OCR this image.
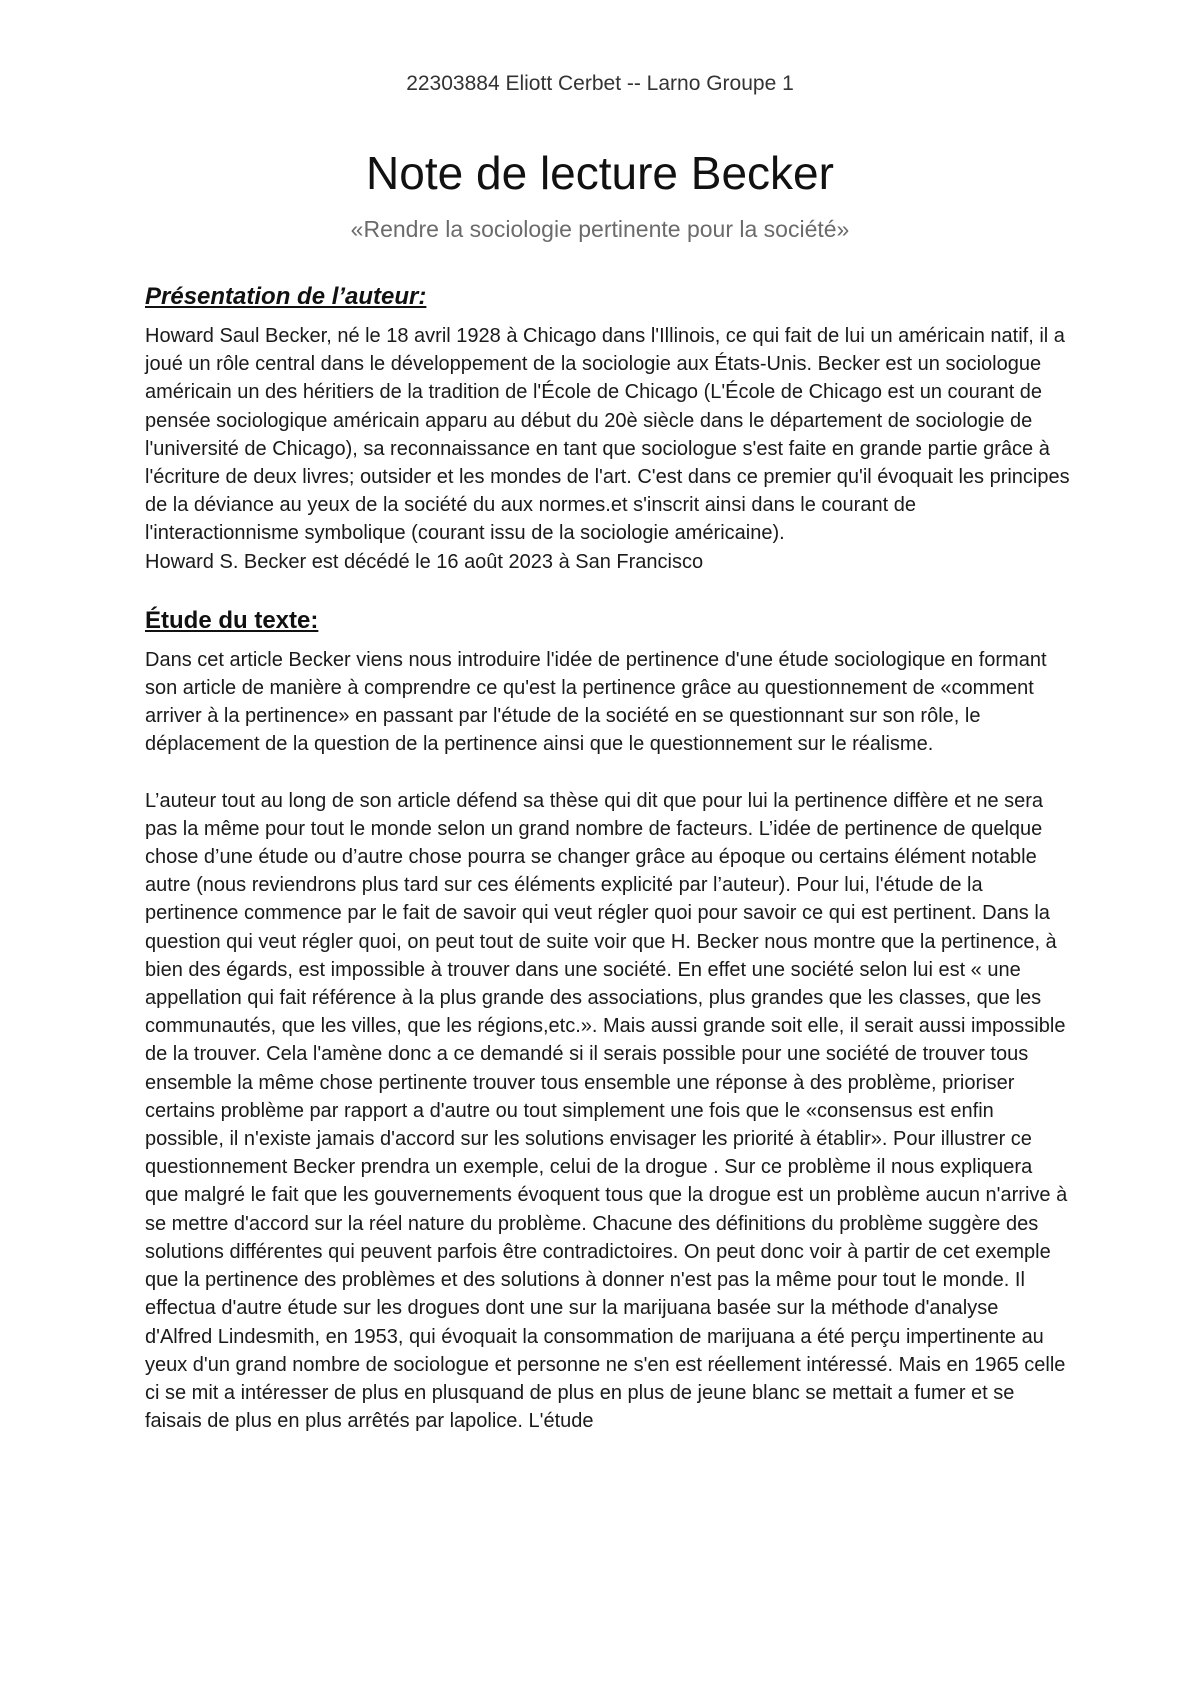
22303884 Eliott Cerbet -- Larno Groupe 1
Note de lecture Becker
«Rendre la sociologie pertinente pour la société»
Présentation de l’auteur:

Howard Saul Becker, né le 18 avril 1928 à Chicago dans l'Illinois, ce qui fait de lui un américain natif, il a joué un rôle central dans le développement de la sociologie aux États-Unis. Becker est un sociologue américain un des héritiers de la tradition de l'École de Chicago (L'École de Chicago est un courant de pensée sociologique américain apparu au début du 20è siècle dans le département de sociologie de l'université de Chicago), sa reconnaissance en tant que sociologue s'est faite en grande partie grâce à l'écriture de deux livres; outsider et les mondes de l'art. C'est dans ce premier qu'il évoquait les principes de la déviance au yeux de la société du aux normes.et s'inscrit ainsi dans le courant de l'interactionnisme symbolique (courant issu de la sociologie américaine).

Howard S. Becker est décédé le 16 août 2023 à San Francisco

Étude du texte:

Dans cet article Becker viens nous introduire l'idée de pertinence d'une étude sociologique en formant son article de manière à comprendre ce qu'est la pertinence grâce au questionnement de «comment arriver à la pertinence» en passant par l'étude de la société en se questionnant sur son rôle, le déplacement de la question de la pertinence ainsi que le questionnement sur le réalisme.

L’auteur tout au long de son article défend sa thèse qui dit que pour lui la pertinence diffère et ne sera pas la même pour tout le monde selon un grand nombre de facteurs. L’idée de pertinence de quelque chose d’une étude ou d’autre chose pourra se changer grâce au époque ou certains élément notable autre (nous reviendrons plus tard sur ces éléments explicité par l’auteur). Pour lui, l'étude de la pertinence commence par le fait de savoir qui veut régler quoi pour savoir ce qui est pertinent. Dans la question qui veut régler quoi, on peut tout de suite voir que H. Becker nous montre que la pertinence, à bien des égards, est impossible à trouver dans une société. En effet une société selon lui est « une appellation qui fait référence à la plus grande des associations, plus grandes que les classes, que les communautés, que les villes, que les régions,etc.». Mais aussi grande soit elle, il serait aussi impossible de la trouver. Cela l'amène donc a ce demandé si il serais possible pour une société de trouver tous ensemble la même chose pertinente trouver tous ensemble une réponse à des problème, prioriser certains problème par rapport a d'autre ou tout simplement une fois que le «consensus est enfin possible, il n'existe jamais d'accord sur les solutions envisager les priorité à établir». Pour illustrer ce questionnement Becker prendra un exemple, celui de la drogue . Sur ce problème il nous expliquera que malgré le fait que les gouvernements évoquent tous que la drogue est un problème aucun n'arrive à se mettre d'accord sur la réel nature du problème. Chacune des définitions du problème suggère des solutions différentes qui peuvent parfois être contradictoires. On peut donc voir à partir de cet exemple que la pertinence des problèmes et des solutions à donner n'est pas la même pour tout le monde. Il effectua d'autre étude sur les drogues dont une sur la marijuana basée sur la méthode d'analyse d'Alfred Lindesmith, en 1953, qui évoquait la consommation de marijuana a été perçu impertinente au yeux d'un grand nombre de sociologue et personne ne s'en est réellement intéressé. Mais en 1965 celle ci se mit a intéresser de plus en plusquand de plus en plus de jeune blanc se mettait a fumer et se faisais de plus en plus arrêtés par lapolice. L'étude
